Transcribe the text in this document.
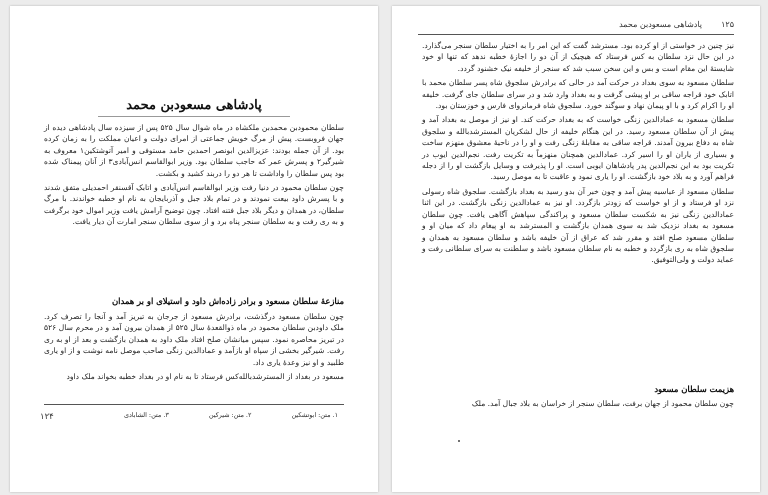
پادشاهی مسعودبن محمد

سلطان محمودبن محمدبن ملکشاه در ماه شوال سال ۵۲۵ پس از سیزده سال پادشاهی دیده از جهان فروبست. پیش از مرگ خویش جماعتی از امرای دولت و اعیان مملکت را به زمان کرده بود. از آن جمله بودند: عزیزالدین ابونصر احمدبن حامد مستوفی و امیر آتوشتکین۱ معروف به شیرگیر۲ و پسرش عمر که حاجب سلطان بود. وزیر ابوالقاسم انس‌آبادی۳ از آنان پیمناک شده بود پس سلطان را واداشت تا هر دو را دربند کشید و بکشت.

چون سلطان محمود در دنیا رفت وزیر ابوالقاسم انس‌آبادی و اتابک آقسنقر احمدیلی متفق شدند و با پسرش داود بیعت نمودند و در تمام بلاد جبل و آذربایجان به نام او خطبه خواندند. با مرگ سلطان، در همدان و دیگر بلاد جبل فتنه افتاد. چون توضیح آرامش یافت وزیر اموال خود برگرفت و به ری رفت و به سلطان سنجر پناه برد و از سوی سلطان سنجر امارت آن دیار یافت.

منازعهٔ سلطان مسعود و برادر زاده‌اش داود و استیلای او بر همدان

چون سلطان مسعود درگذشت، برادرش مسعود از جرجان به تبریز آمد و آنجا را تصرف کرد. ملک داودبن سلطان محمود در ماه ذوالقعدهٔ سال ۵۲۵ از همدان بیرون آمد و در محرم سال ۵۲۶ در تبریز محاصره نمود. سپس میانشان صلح افتاد ملک داود به همدان بازگشت و بعد از او به ری رفت. شیرگیر بخشی از سپاه او بازآمد و عمادالدین زنگی صاحب موصل نامه نوشت و از او یاری طلبید و او نیز وعدهٔ یاری داد.

مسعود در بغداد از المسترشدبالله‌کس فرستاد تا به نام او در بغداد خطبه بخواند ملک داود

۱. متن: ابوتشکین ۲. متن: شیرکین ۳. متن: الشابادی
۱۲۴
۱۲۵
پادشاهی مسعودبن محمد

نیز چنین در خواستی از او کرده بود. مسترشد گفت که این امر را به اختیار سلطان سنجر می‌گذارد. در این حال نزد سلطان به کس فرستاد که هیچیک از آن دو را اجازهٔ خطبه ندهد که تنها او خود شایستهٔ این مقام است و بس و این سخن سبب شد که سنجر از خلیفه نیک خشنود گردد.

سلطان مسعود به سوی بغداد در حرکت آمد در حالی که برادرش سلجوق شاه پسر سلطان محمد با اتابک خود قراجه ساقی بر او پیشی گرفت و به بغداد وارد شد و در سرای سلطان جای گرفت. خلیفه او را اکرام کرد و با او پیمان نهاد و سوگند خورد. سلجوق شاه فرمانروای فارس و خوزستان بود.

سلطان مسعود به عمادالدین زنگی خواست که به بغداد حرکت کند. او نیز از موصل به بغداد آمد و پیش از آن سلطان مسعود رسید. در این هنگام خلیفه از حال لشکریان المسترشدبالله و سلجوق شاه به دفاع بیرون آمدند. قراجه ساقی به مقابلهٔ زنگی رفت و او را در ناحیهٔ معشوق منهزم ساخت و بسیاری از یاران او را اسیر کرد. عمادالدین همچنان منهزماً به تکریت رفت. نجم‌الدین ایوب در تکریت بود به این نجم‌الدین پدر پادشاهان ایوبی است. او را پذیرفت و وسایل بازگشت او را از دجله فراهم آورد و به بلاد خود بازگشت. او را یاری نمود و عاقبت تا به موصل رسید.

سلطان مسعود از عباسیه پیش آمد و چون خبر آن بدو رسید به بغداد بازگشت. سلجوق شاه رسولی نزد او فرستاد و از او خواست که زودتر بازگردد. او نیز به عمادالدین زنگی بازگشت. در این اثنا عمادالدین زنگی نیز به شکست سلطان مسعود و پراکندگی سپاهش آگاهی یافت. چون سلطان مسعود به بغداد نزدیک شد به سوی همدان بازگشت و المسترشد به او پیغام داد که میان او و سلطان مسعود صلح افتد و مقرر شد که عراق از آن خلیفه باشد و سلطان مسعود به همدان و سلجوق شاه به ری بازگردد و خطبه به نام سلطان مسعود باشد و سلطنت به سرای سلطانی رفت و عماید دولت و ولی‌التوفیق.

هزیمت سلطان مسعود

چون سلطان محمود از جهان برفت، سلطان سنجر از خراسان به بلاد جبال آمد. ملک
